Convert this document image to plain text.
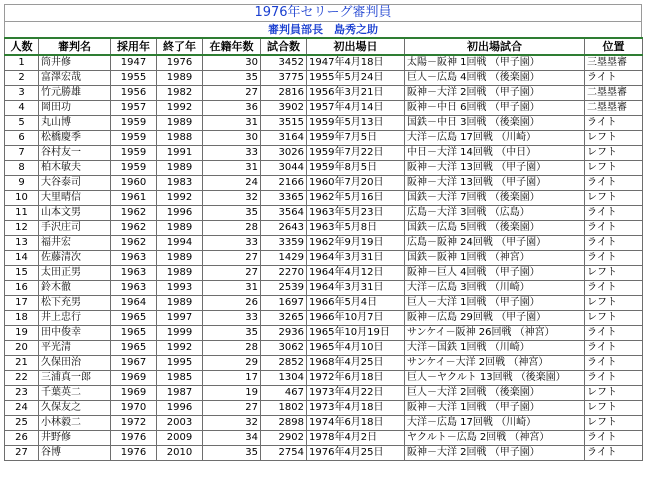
1976年セリーグ審判員
審判員部長　島秀之助
人数	審判名	採用年	終了年	在籍年数	試合数	初出場日	初出場試合	位置
1	筒井修	1947	1976	30	3452	1947年4月18日	太陽－阪神 1回戦 （甲子園）	三塁塁審
2	富澤宏哉	1955	1989	35	3775	1955年5月24日	巨人－広島 4回戦 （後楽園）	ライト
3	竹元勝雄	1956	1982	27	2816	1956年3月21日	阪神－大洋 2回戦 （甲子園）	二塁塁審
4	岡田功	1957	1992	36	3902	1957年4月14日	阪神－中日 6回戦 （甲子園）	二塁塁審
5	丸山博	1959	1989	31	3515	1959年5月13日	国鉄－中日 3回戦 （後楽園）	ライト
6	松橋慶季	1959	1988	30	3164	1959年7月5日	大洋－広島 17回戦 （川崎）	レフト
7	谷村友一	1959	1991	33	3026	1959年7月22日	中日－大洋 14回戦 （中日）	レフト
8	柏木敏夫	1959	1989	31	3044	1959年8月5日	阪神－大洋 13回戦 （甲子園）	レフト
9	大谷泰司	1960	1983	24	2166	1960年7月20日	阪神－大洋 13回戦 （甲子園）	ライト
10	大里晴信	1961	1992	32	3365	1962年5月16日	国鉄－大洋 7回戦 （後楽園）	レフト
11	山本文男	1962	1996	35	3564	1963年5月23日	広島－大洋 3回戦 （広島）	ライト
12	手沢庄司	1962	1989	28	2643	1963年5月8日	国鉄－広島 5回戦 （後楽園）	ライト
13	福井宏	1962	1994	33	3359	1962年9月19日	広島－阪神 24回戦 （甲子園）	ライト
14	佐藤清次	1963	1989	27	1429	1964年3月31日	国鉄－阪神 1回戦 （神宮）	ライト
15	太田正男	1963	1989	27	2270	1964年4月12日	阪神－巨人 4回戦 （甲子園）	レフト
16	鈴木徹	1963	1993	31	2539	1964年3月31日	大洋－広島 3回戦 （川崎）	ライト
17	松下充男	1964	1989	26	1697	1966年5月4日	巨人－大洋 1回戦 （甲子園）	レフト
18	井上忠行	1965	1997	33	3265	1966年10月7日	阪神－広島 29回戦 （甲子園）	レフト
19	田中俊幸	1965	1999	35	2936	1965年10月19日	サンケイ－阪神 26回戦 （神宮）	ライト
20	平光清	1965	1992	28	3062	1965年4月10日	大洋－国鉄 1回戦 （川崎）	ライト
21	久保田治	1967	1995	29	2852	1968年4月25日	サンケイ－大洋 2回戦 （神宮）	ライト
22	三浦真一郎	1969	1985	17	1304	1972年6月18日	巨人－ヤクルト 13回戦 （後楽園）	ライト
23	千葉英二	1969	1987	19	467	1973年4月22日	巨人－大洋 2回戦 （後楽園）	レフト
24	久保友之	1970	1996	27	1802	1973年4月18日	阪神－大洋 1回戦 （甲子園）	レフト
25	小林毅二	1972	2003	32	2898	1974年6月18日	大洋－広島 17回戦 （川崎）	レフト
26	井野修	1976	2009	34	2902	1978年4月2日	ヤクルト－広島 2回戦 （神宮）	ライト
27	谷博	1976	2010	35	2754	1976年4月25日	阪神－大洋 2回戦 （甲子園）	ライト
